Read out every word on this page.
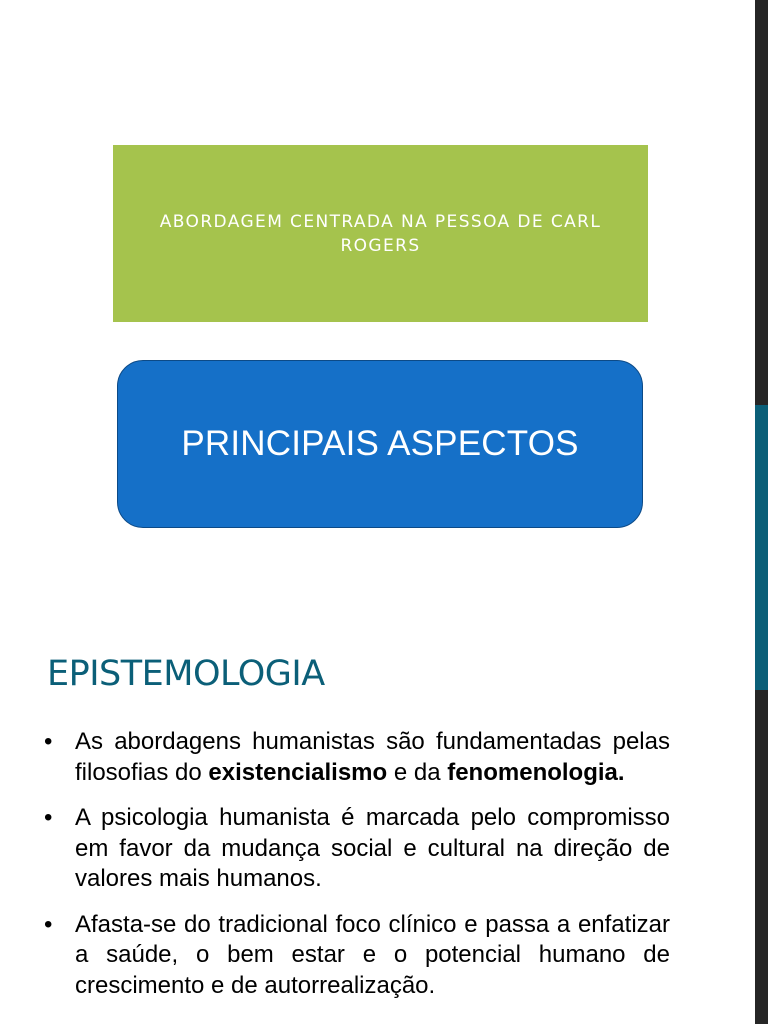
ABORDAGEM CENTRADA NA PESSOA DE CARL ROGERS
PRINCIPAIS ASPECTOS
EPISTEMOLOGIA
• As abordagens humanistas são fundamentadas pelas filosofias do existencialismo e da fenomenologia.
• A psicologia humanista é marcada pelo compromisso em favor da mudança social e cultural na direção de valores mais humanos.
• Afasta-se do tradicional foco clínico e passa a enfatizar a saúde, o bem estar e o potencial humano de crescimento e de autorrealização.
